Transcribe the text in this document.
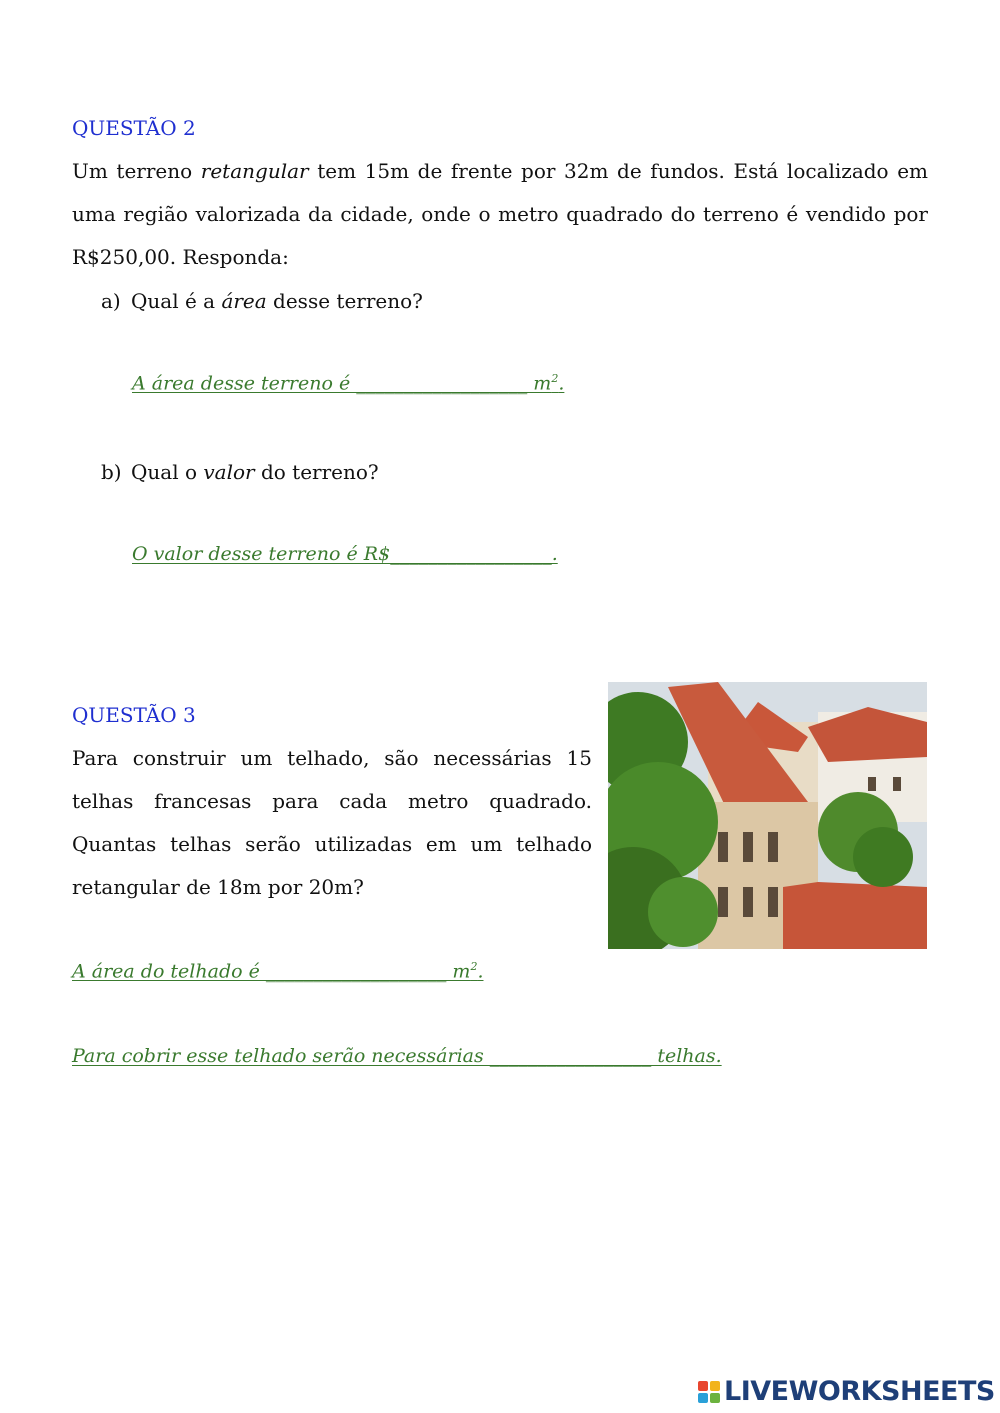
QUESTÃO 2
Um terreno retangular tem 15m de frente por 32m de fundos. Está localizado em uma região valorizada da cidade, onde o metro quadrado do terreno é vendido por R$250,00. Responda:
a) Qual é a área desse terreno?
A área desse terreno é __________________ $m^2$.
b) Qual o valor do terreno?
O valor desse terreno é R$_________________.
QUESTÃO 3
Para construir um telhado, são necessárias 15 telhas francesas para cada metro quadrado. Quantas telhas serão utilizadas em um telhado retangular de 18m por 20m?
A área do telhado é ___________________ $m^2$.
Para cobrir esse telhado serão necessárias _________________ telhas.
LIVEWORKSHEETS
